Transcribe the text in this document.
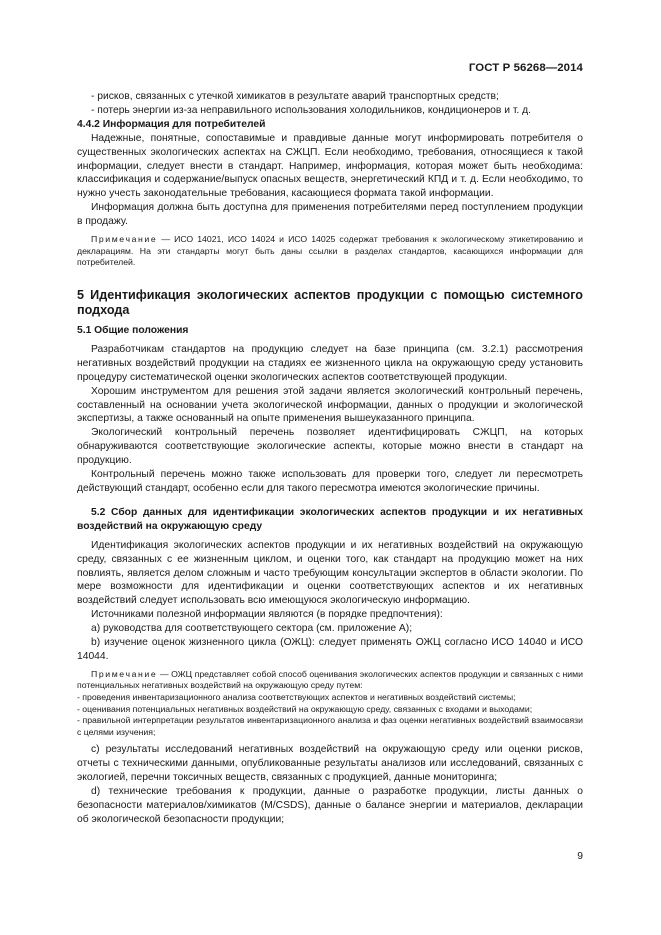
ГОСТ Р 56268—2014

- рисков, связанных с утечкой химикатов в результате аварий транспортных средств;

- потерь энергии из-за неправильного использования холодильников, кондиционеров и т. д.

4.4.2 Информация для потребителей

Надежные, понятные, сопоставимые и правдивые данные могут информировать потребителя о существенных экологических аспектах на СЖЦП. Если необходимо, требования, относящиеся к такой информации, следует внести в стандарт. Например, информация, которая может быть необходима: классификация и содержание/выпуск опасных веществ, энергетический КПД и т. д. Если необходимо, то нужно учесть законодательные требования, касающиеся формата такой информации.

Информация должна быть доступна для применения потребителями перед поступлением продукции в продажу.

Примечание — ИСО 14021, ИСО 14024 и ИСО 14025 содержат требования к экологическому этикетированию и декларациям. На эти стандарты могут быть даны ссылки в разделах стандартов, касающихся информации для потребителей.

5 Идентификация экологических аспектов продукции с помощью системного подхода

5.1 Общие положения

Разработчикам стандартов на продукцию следует на базе принципа (см. 3.2.1) рассмотрения негативных воздействий продукции на стадиях ее жизненного цикла на окружающую среду установить процедуру систематической оценки экологических аспектов соответствующей продукции.

Хорошим инструментом для решения этой задачи является экологический контрольный перечень, составленный на основании учета экологической информации, данных о продукции и экологической экспертизы, а также основанный на опыте применения вышеуказанного принципа.

Экологический контрольный перечень позволяет идентифицировать СЖЦП, на которых обнаруживаются соответствующие экологические аспекты, которые можно внести в стандарт на продукцию.

Контрольный перечень можно также использовать для проверки того, следует ли пересмотреть действующий стандарт, особенно если для такого пересмотра имеются экологические причины.

5.2 Сбор данных для идентификации экологических аспектов продукции и их негативных воздействий на окружающую среду

Идентификация экологических аспектов продукции и их негативных воздействий на окружающую среду, связанных с ее жизненным циклом, и оценки того, как стандарт на продукцию может на них повлиять, является делом сложным и часто требующим консультации экспертов в области экологии. По мере возможности для идентификации и оценки соответствующих аспектов и их негативных воздействий следует использовать всю имеющуюся экологическую информацию.

Источниками полезной информации являются (в порядке предпочтения):

a) руководства для соответствующего сектора (см. приложение А);

b) изучение оценок жизненного цикла (ОЖЦ): следует применять ОЖЦ согласно ИСО 14040 и ИСО 14044.

Примечание — ОЖЦ представляет собой способ оценивания экологических аспектов продукции и связанных с ними потенциальных негативных воздействий на окружающую среду путем:

- проведения инвентаризационного анализа соответствующих аспектов и негативных воздействий системы;

- оценивания потенциальных негативных воздействий на окружающую среду, связанных с входами и выходами;

- правильной интерпретации результатов инвентаризационного анализа и фаз оценки негативных воздействий взаимосвязи с целями изучения;

c) результаты исследований негативных воздействий на окружающую среду или оценки рисков, отчеты с техническими данными, опубликованные результаты анализов или исследований, связанных с экологией, перечни токсичных веществ, связанных с продукцией, данные мониторинга;

d) технические требования к продукции, данные о разработке продукции, листы данных о безопасности материалов/химикатов (M/CSDS), данные о балансе энергии и материалов, декларации об экологической безопасности продукции;

9
